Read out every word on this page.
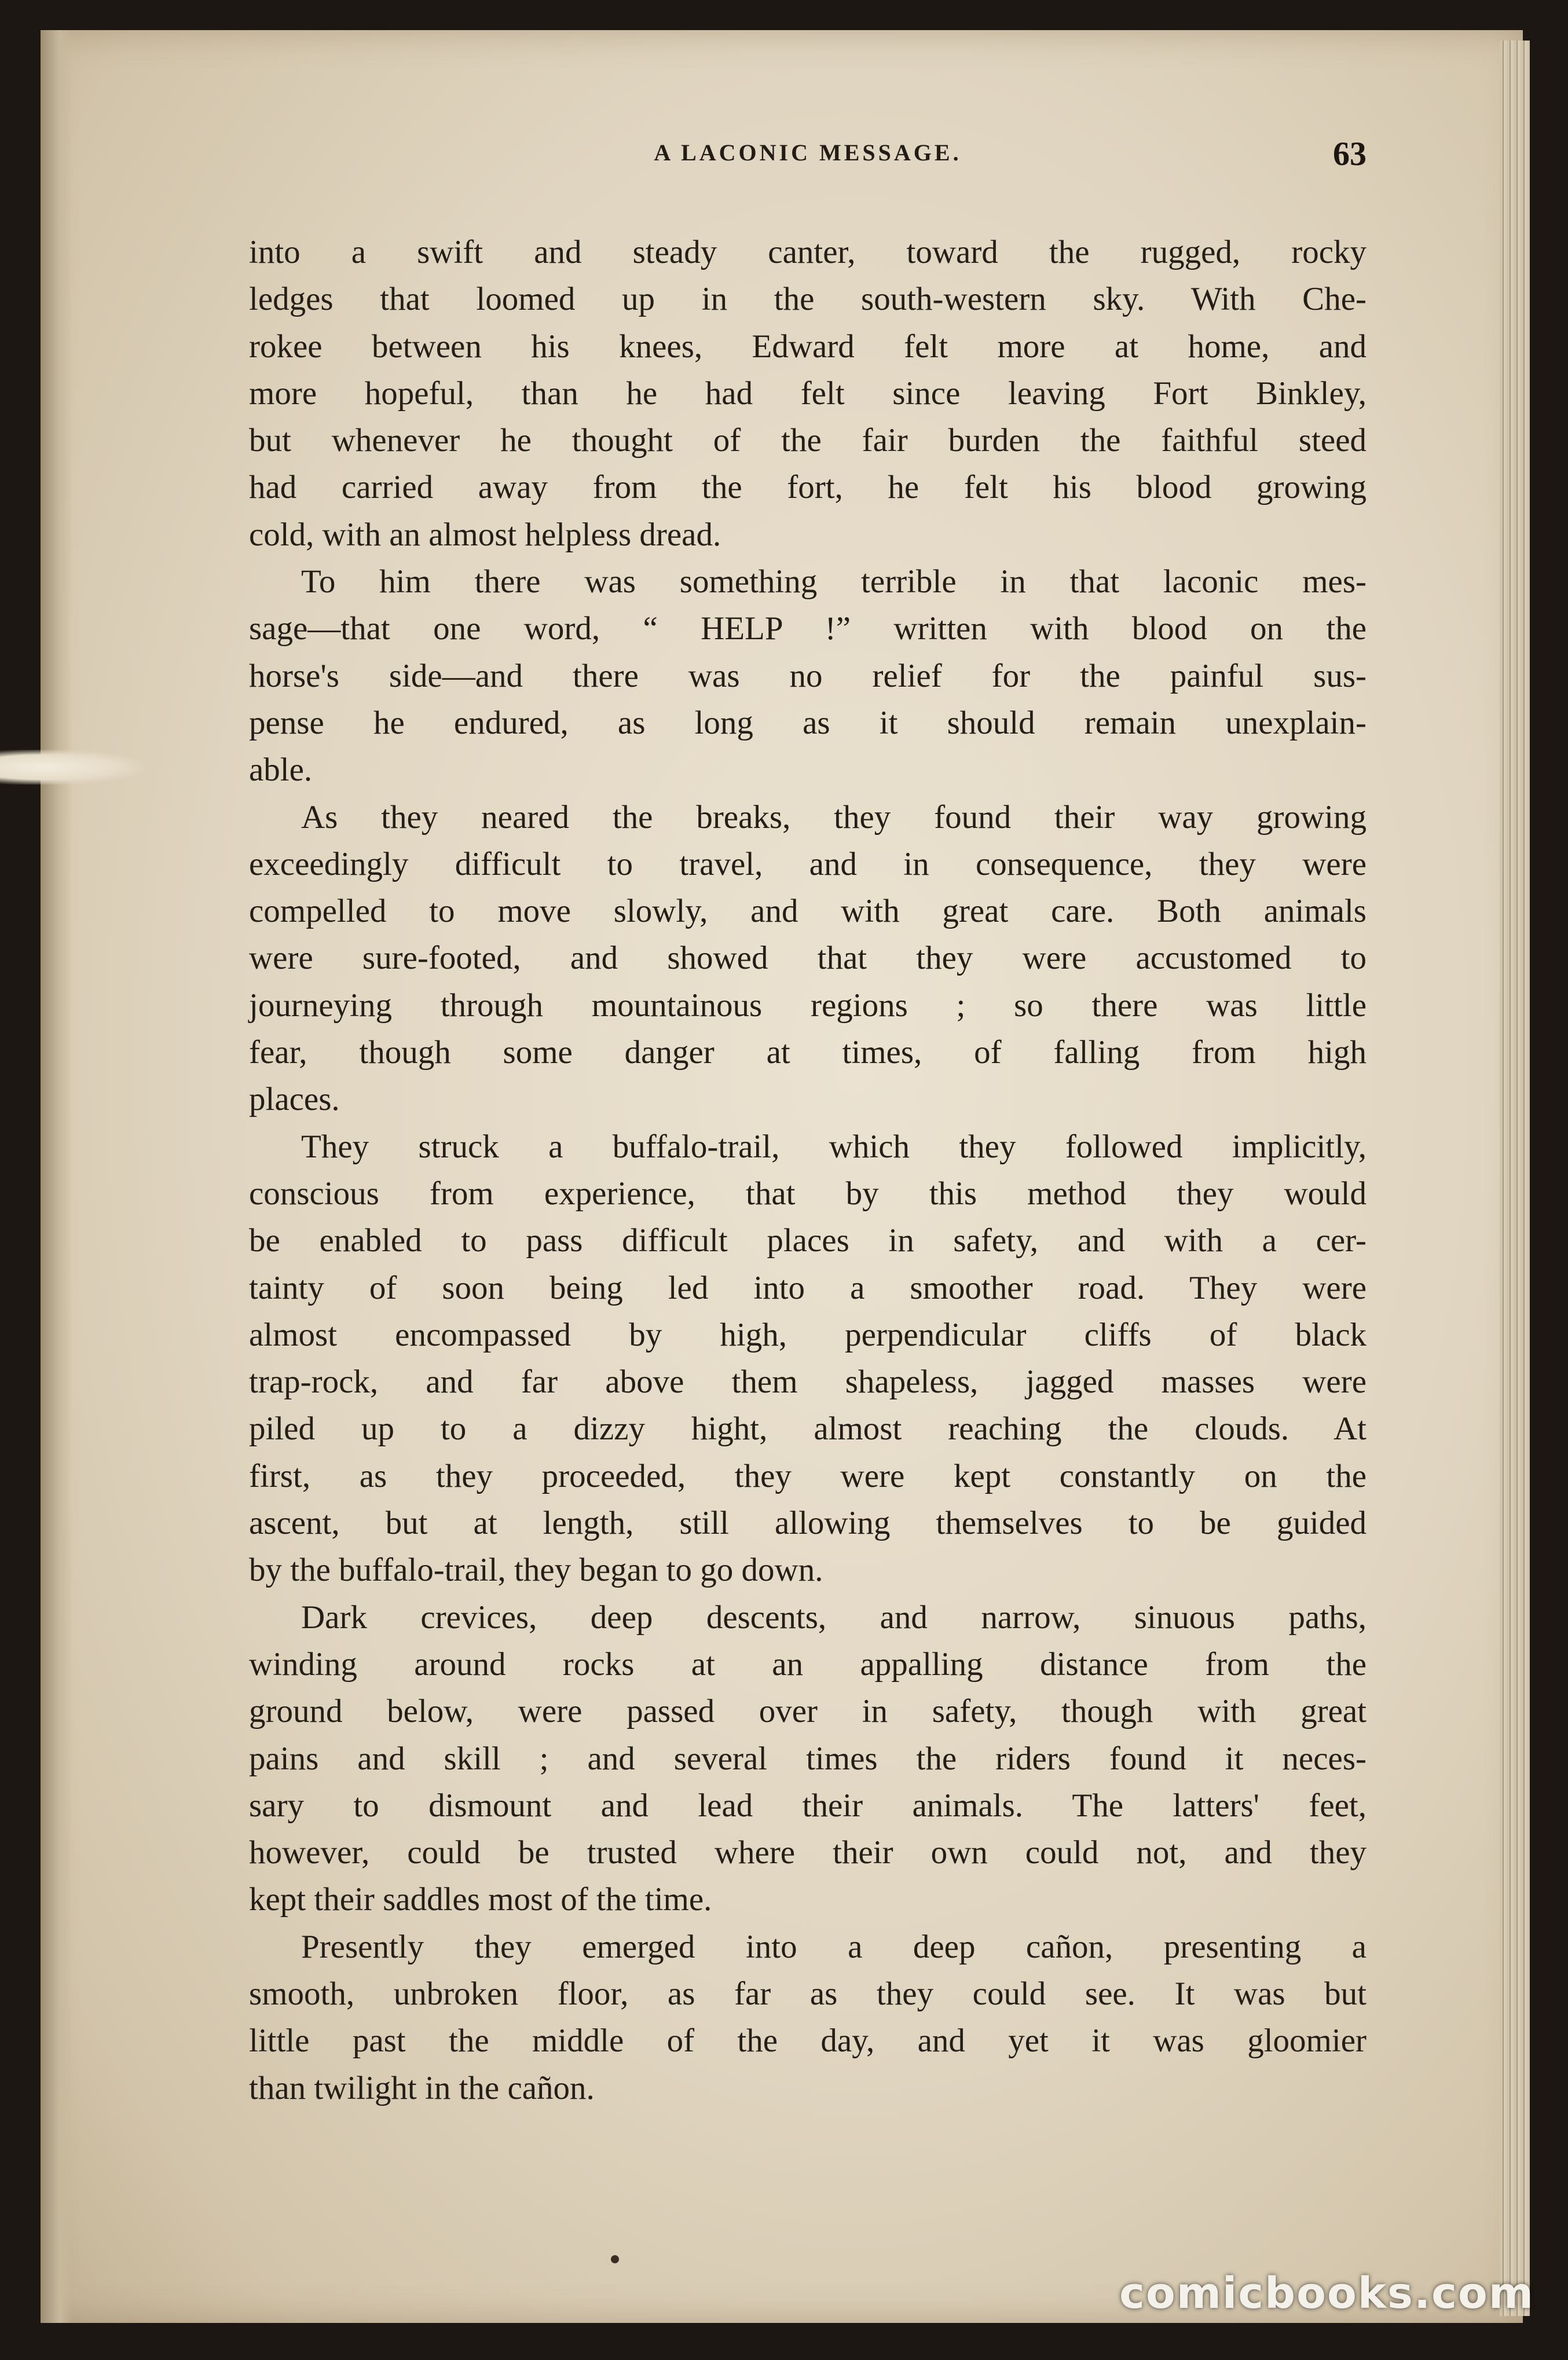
A LACONIC MESSAGE.	63
into a swift and steady canter, toward the rugged, rocky
ledges that loomed up in the south-western sky. With Che-
rokee between his knees, Edward felt more at home, and
more hopeful, than he had felt since leaving Fort Binkley,
but whenever he thought of the fair burden the faithful steed
had carried away from the fort, he felt his blood growing
cold, with an almost helpless dread.
To him there was something terrible in that laconic mes-
sage—that one word, “ HELP !” written with blood on the
horse's side—and there was no relief for the painful sus-
pense he endured, as long as it should remain unexplain-
able.
As they neared the breaks, they found their way growing
exceedingly difficult to travel, and in consequence, they were
compelled to move slowly, and with great care. Both animals
were sure-footed, and showed that they were accustomed to
journeying through mountainous regions ; so there was little
fear, though some danger at times, of falling from high
places.
They struck a buffalo-trail, which they followed implicitly,
conscious from experience, that by this method they would
be enabled to pass difficult places in safety, and with a cer-
tainty of soon being led into a smoother road. They were
almost encompassed by high, perpendicular cliffs of black
trap-rock, and far above them shapeless, jagged masses were
piled up to a dizzy hight, almost reaching the clouds. At
first, as they proceeded, they were kept constantly on the
ascent, but at length, still allowing themselves to be guided
by the buffalo-trail, they began to go down.
Dark crevices, deep descents, and narrow, sinuous paths,
winding around rocks at an appalling distance from the
ground below, were passed over in safety, though with great
pains and skill ; and several times the riders found it neces-
sary to dismount and lead their animals. The latters' feet,
however, could be trusted where their own could not, and they
kept their saddles most of the time.
Presently they emerged into a deep cañon, presenting a
smooth, unbroken floor, as far as they could see. It was but
little past the middle of the day, and yet it was gloomier
than twilight in the cañon.
comicbooks.com
